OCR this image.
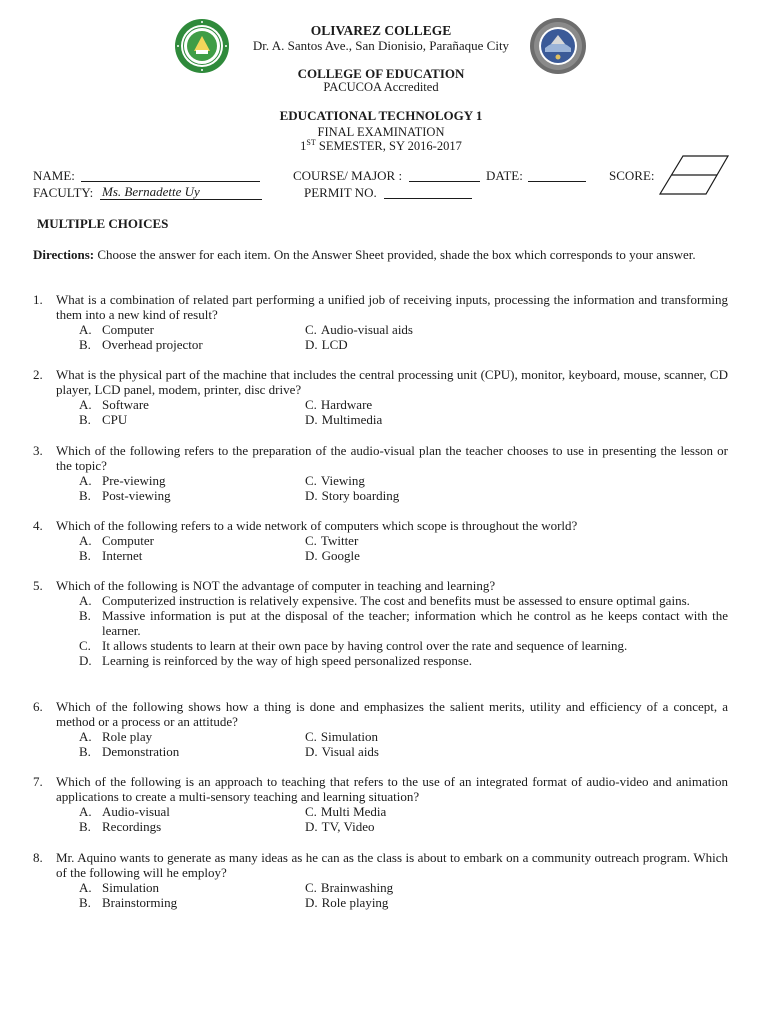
OLIVAREZ COLLEGE
Dr. A. Santos Ave., San Dionisio, Parañaque City
COLLEGE OF EDUCATION
PACUCOA Accredited
EDUCATIONAL TECHNOLOGY 1
FINAL EXAMINATION
1ST SEMESTER, SY 2016-2017
NAME:	COURSE/ MAJOR :	DATE:	SCORE:
FACULTY: Ms. Bernadette Uy	PERMIT NO.
MULTIPLE CHOICES
Directions: Choose the answer for each item. On the Answer Sheet provided, shade the box which corresponds to your answer.
1. What is a combination of related part performing a unified job of receiving inputs, processing the information and transforming them into a new kind of result?
A. Computer
B. Overhead projector
C. Audio-visual aids
D. LCD
2. What is the physical part of the machine that includes the central processing unit (CPU), monitor, keyboard, mouse, scanner, CD player, LCD panel, modem, printer, disc drive?
A. Software
B. CPU
C. Hardware
D. Multimedia
3. Which of the following refers to the preparation of the audio-visual plan the teacher chooses to use in presenting the lesson or the topic?
A. Pre-viewing
B. Post-viewing
C. Viewing
D. Story boarding
4. Which of the following refers to a wide network of computers which scope is throughout the world?
A. Computer
B. Internet
C. Twitter
D. Google
5. Which of the following is NOT the advantage of computer in teaching and learning?
A. Computerized instruction is relatively expensive. The cost and benefits must be assessed to ensure optimal gains.
B. Massive information is put at the disposal of the teacher; information which he control as he keeps contact with the learner.
C. It allows students to learn at their own pace by having control over the rate and sequence of learning.
D. Learning is reinforced by the way of high speed personalized response.
6. Which of the following shows how a thing is done and emphasizes the salient merits, utility and efficiency of a concept, a method or a process or an attitude?
A. Role play
B. Demonstration
C. Simulation
D. Visual aids
7. Which of the following is an approach to teaching that refers to the use of an integrated format of audio-video and animation applications to create a multi-sensory teaching and learning situation?
A. Audio-visual
B. Recordings
C. Multi Media
D. TV, Video
8. Mr. Aquino wants to generate as many ideas as he can as the class is about to embark on a community outreach program. Which of the following will he employ?
A. Simulation
B. Brainstorming
C. Brainwashing
D. Role playing
